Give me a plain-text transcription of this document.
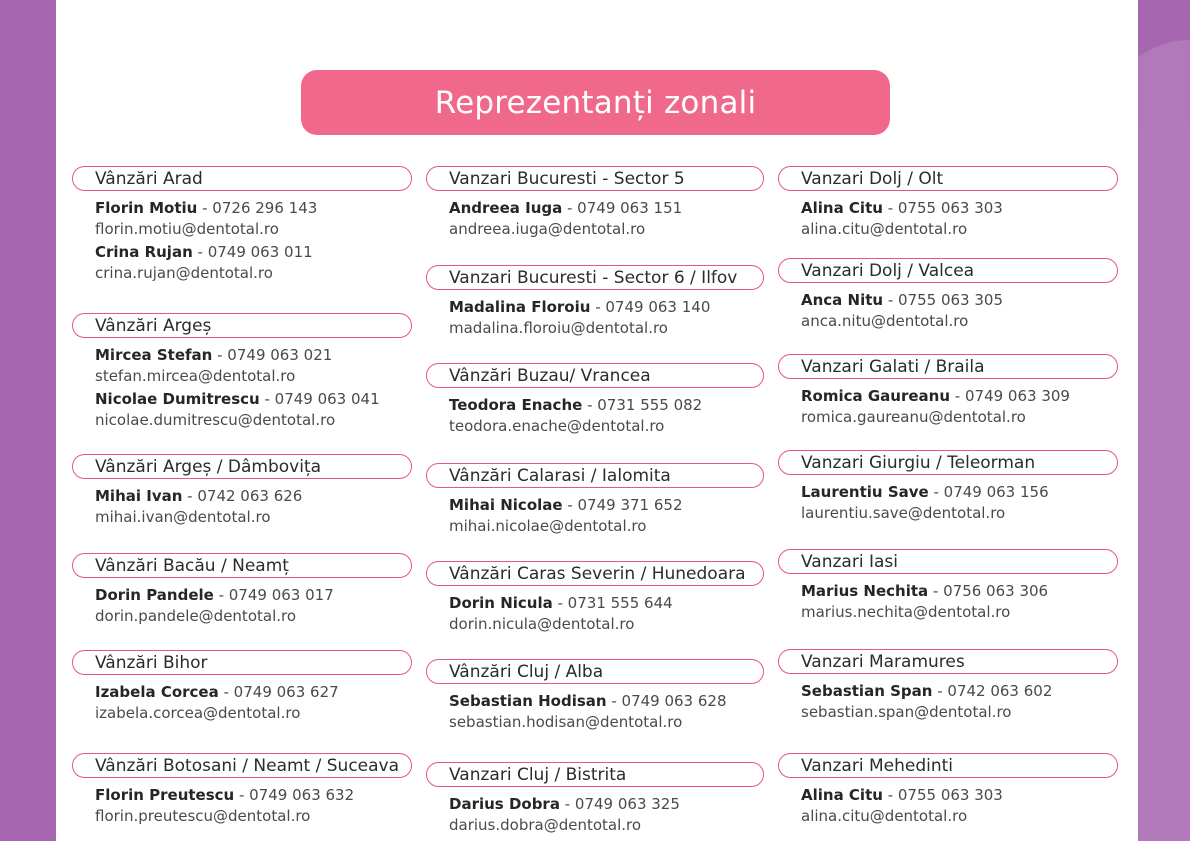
Reprezentanți zonali
Vânzări Arad
Florin Motiu - 0726 296 143
florin.motiu@dentotal.ro
Crina Rujan - 0749 063 011
crina.rujan@dentotal.ro
Vânzări Argeș
Mircea Stefan - 0749 063 021
stefan.mircea@dentotal.ro
Nicolae Dumitrescu - 0749 063 041
nicolae.dumitrescu@dentotal.ro
Vânzări Argeș / Dâmbovița
Mihai Ivan - 0742 063 626
mihai.ivan@dentotal.ro
Vânzări Bacău / Neamț
Dorin Pandele - 0749 063 017
dorin.pandele@dentotal.ro
Vânzări Bihor
Izabela Corcea - 0749 063 627
izabela.corcea@dentotal.ro
Vânzări Botosani / Neamt / Suceava
Florin Preutescu - 0749 063 632
florin.preutescu@dentotal.ro
Vanzari Bucuresti - Sector 5
Andreea Iuga - 0749 063 151
andreea.iuga@dentotal.ro
Vanzari Bucuresti - Sector 6 / Ilfov
Madalina Floroiu - 0749 063 140
madalina.floroiu@dentotal.ro
Vânzări Buzau/ Vrancea
Teodora Enache - 0731 555 082
teodora.enache@dentotal.ro
Vânzări Calarasi / Ialomita
Mihai Nicolae - 0749 371 652
mihai.nicolae@dentotal.ro
Vânzări Caras Severin / Hunedoara
Dorin Nicula - 0731 555 644
dorin.nicula@dentotal.ro
Vânzări Cluj / Alba
Sebastian Hodisan - 0749 063 628
sebastian.hodisan@dentotal.ro
Vanzari Cluj / Bistrita
Darius Dobra - 0749 063 325
darius.dobra@dentotal.ro
Vanzari Dolj / Olt
Alina Citu - 0755 063 303
alina.citu@dentotal.ro
Vanzari Dolj / Valcea
Anca Nitu - 0755 063 305
anca.nitu@dentotal.ro
Vanzari Galati / Braila
Romica Gaureanu - 0749 063 309
romica.gaureanu@dentotal.ro
Vanzari Giurgiu / Teleorman
Laurentiu Save - 0749 063 156
laurentiu.save@dentotal.ro
Vanzari Iasi
Marius Nechita - 0756 063 306
marius.nechita@dentotal.ro
Vanzari Maramures
Sebastian Span - 0742 063 602
sebastian.span@dentotal.ro
Vanzari Mehedinti
Alina Citu - 0755 063 303
alina.citu@dentotal.ro
